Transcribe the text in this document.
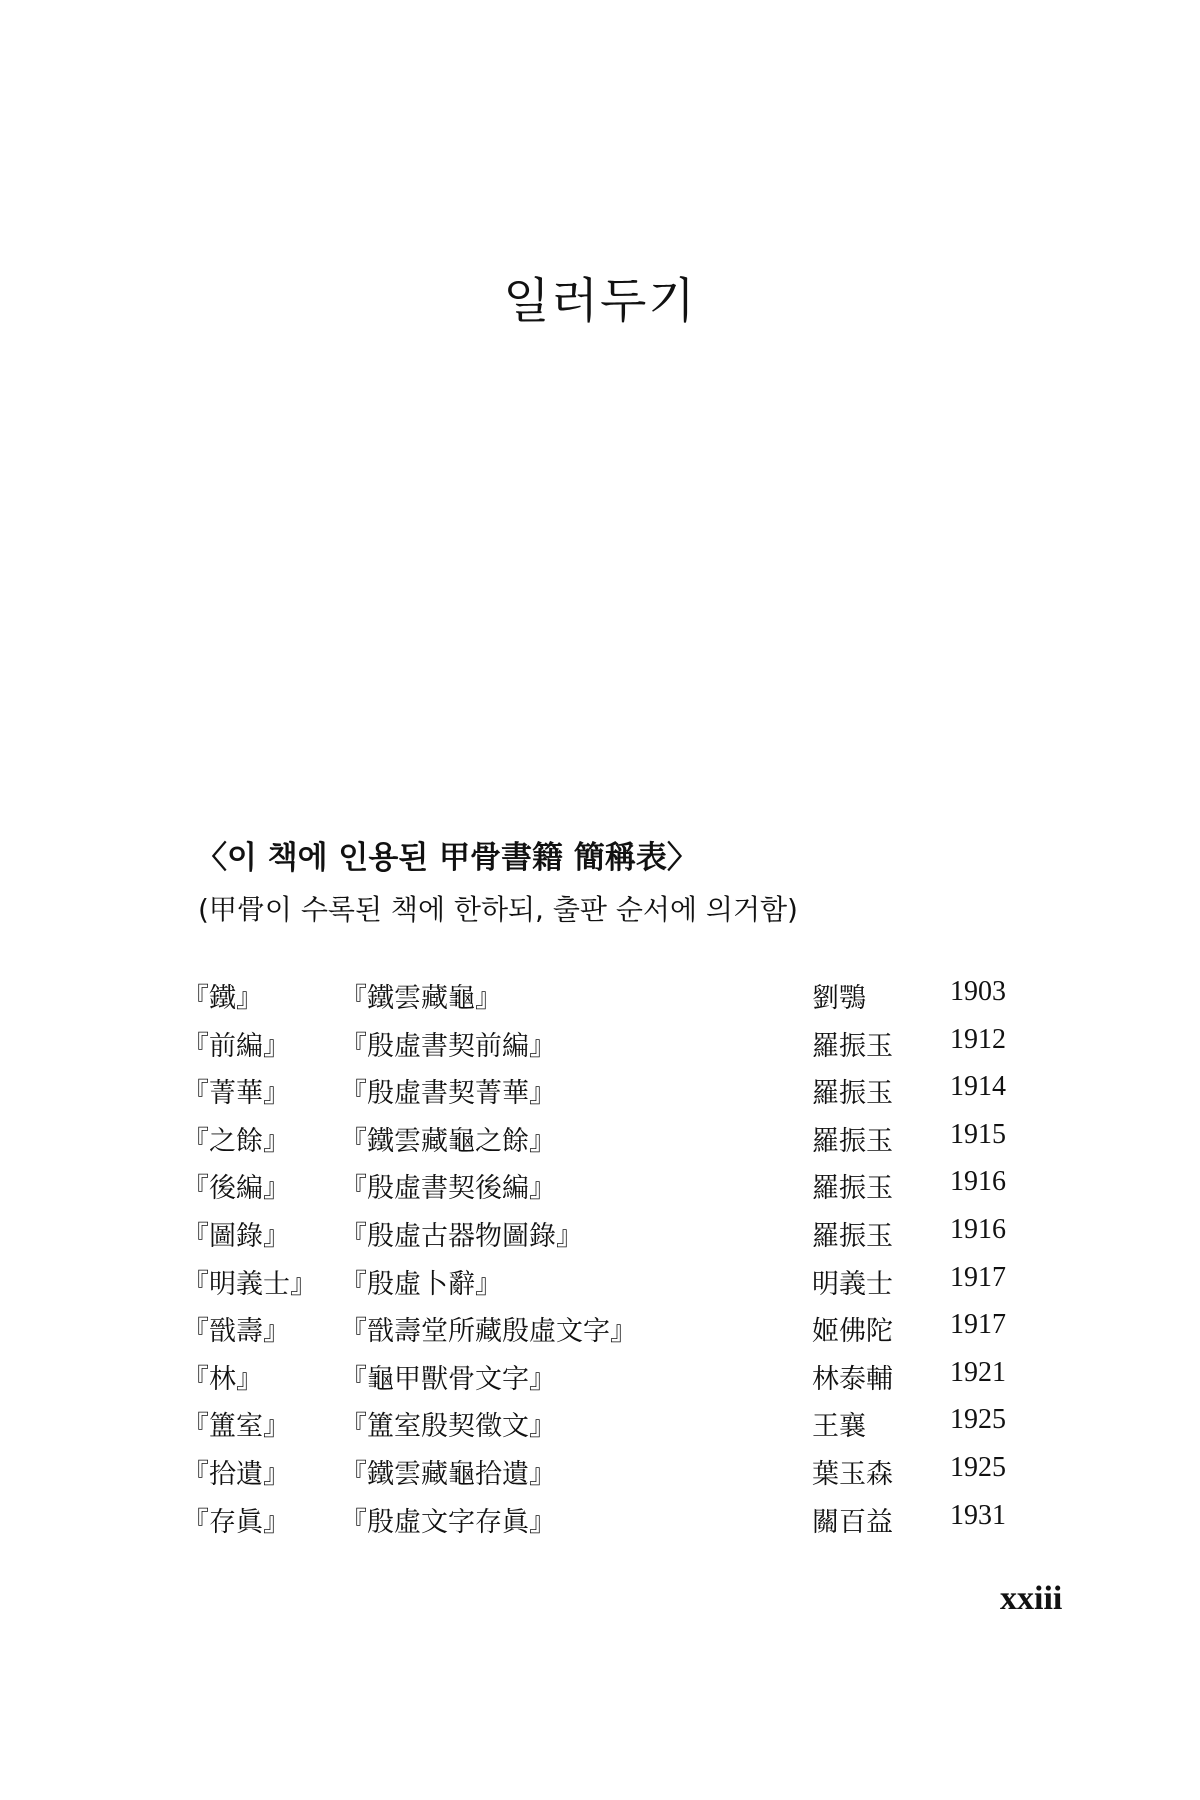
일러두기
〈이 책에 인용된 甲骨書籍 簡稱表〉

(甲骨이 수록된 책에 한하되, 출판 순서에 의거함)

『鐵』	『鐵雲藏龜』	劉鶚	1903
『前編』 『殷虛書契前編』	羅振玉 1912
『菁華』 『殷虛書契菁華』	羅振玉 1914
『之餘』 『鐵雲藏龜之餘』	羅振玉 1915
『後編』 『殷虛書契後編』	羅振玉 1916
『圖錄』 『殷虛古器物圖錄』	羅振玉 1916
『明義士』 『殷虛卜辭』	明義士 1917
『戩壽』 『戩壽堂所藏殷虛文字』	姬佛陀 1917
『林』	『龜甲獸骨文字』	林泰輔 1921
『簠室』 『簠室殷契徵文』	王襄	1925
『拾遺』 『鐵雲藏龜拾遺』	葉玉森 1925
『存眞』 『殷虛文字存眞』	關百益 1931

xxiii
